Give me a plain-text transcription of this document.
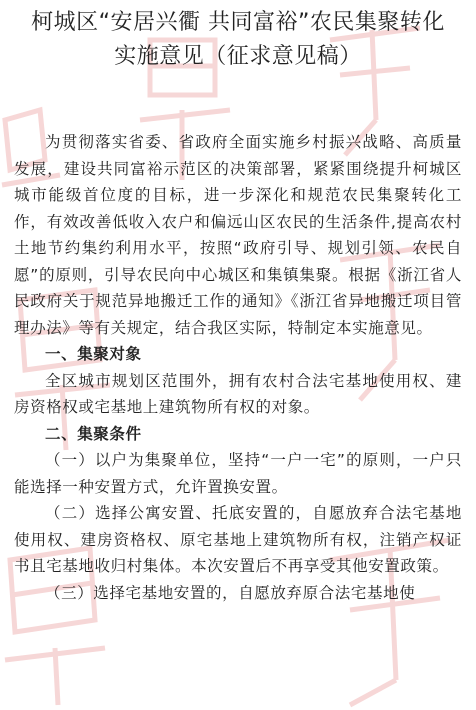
柯城区“安居兴衢 共同富裕”农民集聚转化
实施意见（征求意见稿）

为贯彻落实省委、省政府全面实施乡村振兴战略、高质量发展，建设共同富裕示范区的决策部署，紧紧围绕提升柯城区城市能级首位度的目标，进一步深化和规范农民集聚转化工作，有效改善低收入农户和偏远山区农民的生活条件,提高农村土地节约集约利用水平，按照“政府引导、规划引领、农民自愿”的原则，引导农民向中心城区和集镇集聚。根据《浙江省人民政府关于规范异地搬迁工作的通知》《浙江省异地搬迁项目管理办法》等有关规定，结合我区实际，特制定本实施意见。

一、集聚对象

全区城市规划区范围外，拥有农村合法宅基地使用权、建房资格权或宅基地上建筑物所有权的对象。

二、集聚条件

（一）以户为集聚单位，坚持“一户一宅”的原则，一户只能选择一种安置方式，允许置换安置。

（二）选择公寓安置、托底安置的，自愿放弃合法宅基地使用权、建房资格权、原宅基地上建筑物所有权，注销产权证书且宅基地收归村集体。本次安置后不再享受其他安置政策。

（三）选择宅基地安置的，自愿放弃原合法宅基地使
